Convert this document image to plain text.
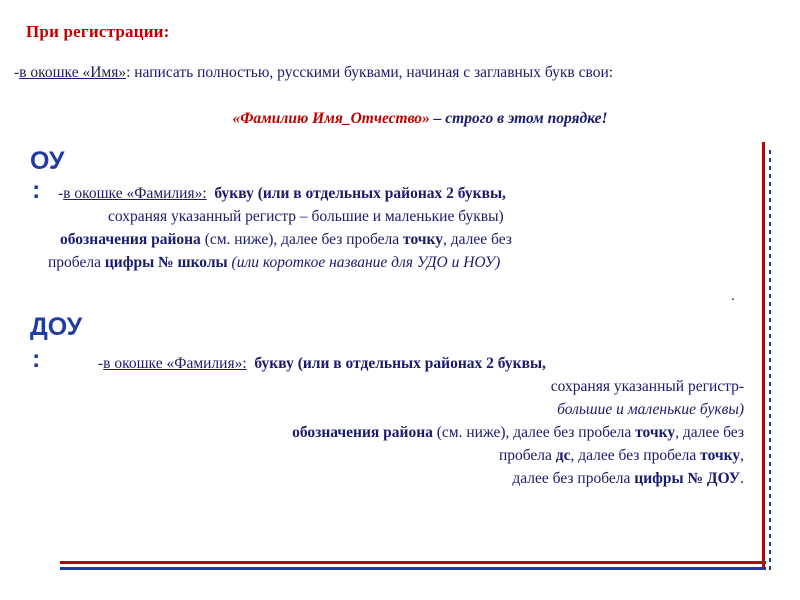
При регистрации:
-в окошке «Имя»: написать полностью, русскими буквами, начиная с заглавных букв свои:
«Фамилию Имя_Отчество» – строго в этом порядке!
ОУ
:	-в окошке «Фамилия»: букву (или в отдельных районах 2 буквы,
сохраняя указанный регистр – большие и маленькие буквы)
обозначения района (см. ниже), далее без пробела точку, далее без
пробела цифры № школы (или короткое название для УДО и НОУ)
.
ДОУ
:	-в окошке «Фамилия»: букву (или в отдельных районах 2 буквы,
сохраняя указанный регистр-
большие и маленькие буквы)
обозначения района (см. ниже), далее без пробела точку, далее без
пробела дс, далее без пробела точку,
далее без пробела цифры № ДОУ.
